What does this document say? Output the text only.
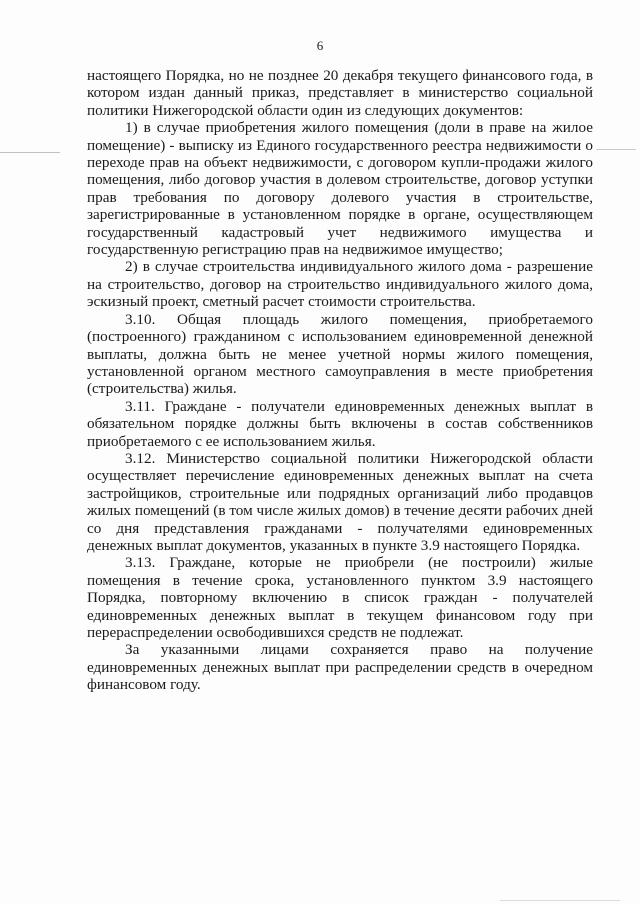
6

настоящего Порядка, но не позднее 20 декабря текущего финансового года, в котором издан данный приказ, представляет в министерство социальной политики Нижегородской области один из следующих документов:

1) в случае приобретения жилого помещения (доли в праве на жилое помещение) - выписку из Единого государственного реестра недвижимости о переходе прав на объект недвижимости, с договором купли-продажи жилого помещения, либо договор участия в долевом строительстве, договор уступки прав требования по договору долевого участия в строительстве, зарегистрированные в установленном порядке в органе, осуществляющем государственный кадастровый учет недвижимого имущества и государственную регистрацию прав на недвижимое имущество;

2) в случае строительства индивидуального жилого дома - разрешение на строительство, договор на строительство индивидуального жилого дома, эскизный проект, сметный расчет стоимости строительства.

3.10. Общая площадь жилого помещения, приобретаемого (построенного) гражданином с использованием единовременной денежной выплаты, должна быть не менее учетной нормы жилого помещения, установленной органом местного самоуправления в месте приобретения (строительства) жилья.

3.11. Граждане - получатели единовременных денежных выплат в обязательном порядке должны быть включены в состав собственников приобретаемого с ее использованием жилья.

3.12. Министерство социальной политики Нижегородской области осуществляет перечисление единовременных денежных выплат на счета застройщиков, строительные или подрядных организаций либо продавцов жилых помещений (в том числе жилых домов) в течение десяти рабочих дней со дня представления гражданами - получателями единовременных денежных выплат документов, указанных в пункте 3.9 настоящего Порядка.

3.13. Граждане, которые не приобрели (не построили) жилые помещения в течение срока, установленного пунктом 3.9 настоящего Порядка, повторному включению в список граждан - получателей единовременных денежных выплат в текущем финансовом году при перераспределении освободившихся средств не подлежат.

За указанными лицами сохраняется право на получение единовременных денежных выплат при распределении средств в очередном финансовом году.
